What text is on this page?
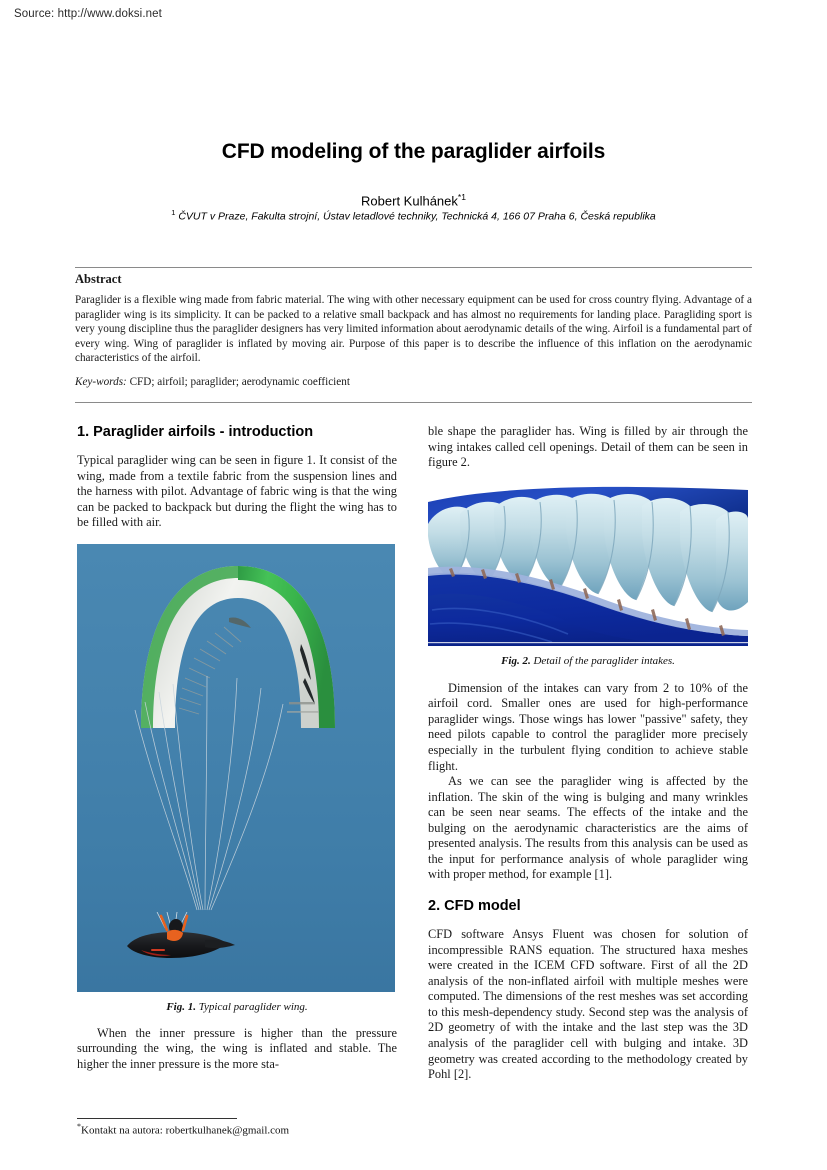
Source: http://www.doksi.net
CFD modeling of the paraglider airfoils
Robert Kulhánek$^{*1}$
$^1$ ČVUT v Praze, Fakulta strojní, Ústav letadlové techniky, Technická 4, 166 07 Praha 6, Česká republika
Abstract

Paraglider is a flexible wing made from fabric material. The wing with other necessary equipment can be used for cross country flying. Advantage of a paraglider wing is its simplicity. It can be packed to a relative small backpack and has almost no requirements for landing place. Paragliding sport is very young discipline thus the paraglider designers has very limited information about aerodynamic details of the wing. Airfoil is a fundamental part of every wing. Wing of paraglider is inflated by moving air. Purpose of this paper is to describe the influence of this inflation on the aerodynamic characteristics of the airfoil.

Key-words: CFD; airfoil; paraglider; aerodynamic coefficient
1. Paraglider airfoils - introduction

Typical paraglider wing can be seen in figure 1. It consist of the wing, made from a textile fabric from the suspension lines and the harness with pilot. Advantage of fabric wing is that the wing can be packed to backpack but during the flight the wing has to be filled with air.

Fig. 1. Typical paraglider wing.

When the inner pressure is higher than the pressure surrounding the wing, the wing is inflated and stable. The higher the inner pressure is the more sta-

ble shape the paraglider has. Wing is filled by air through the wing intakes called cell openings. Detail of them can be seen in figure 2.

Fig. 2. Detail of the paraglider intakes.

Dimension of the intakes can vary from 2 to 10% of the airfoil cord. Smaller ones are used for high-performance paraglider wings. Those wings has lower "passive" safety, they need pilots capable to control the paraglider more precisely especially in the turbulent flying condition to achieve stable flight.

As we can see the paraglider wing is affected by the inflation. The skin of the wing is bulging and many wrinkles can be seen near seams. The effects of the intake and the bulging on the aerodynamic characteristics are the aims of presented analysis. The results from this analysis can be used as the input for performance analysis of whole paraglider wing with proper method, for example [1].

2. CFD model

CFD software Ansys Fluent was chosen for solution of incompressible RANS equation. The structured haxa meshes were created in the ICEM CFD software. First of all the 2D analysis of the non-inflated airfoil with multiple meshes were computed. The dimensions of the rest meshes was set according to this mesh-dependency study. Second step was the analysis of 2D geometry of with the intake and the last step was the 3D analysis of the paraglider cell with bulging and intake. 3D geometry was created according to the methodology created by Pohl [2].

*Kontakt na autora: robertkulhanek@gmail.com
